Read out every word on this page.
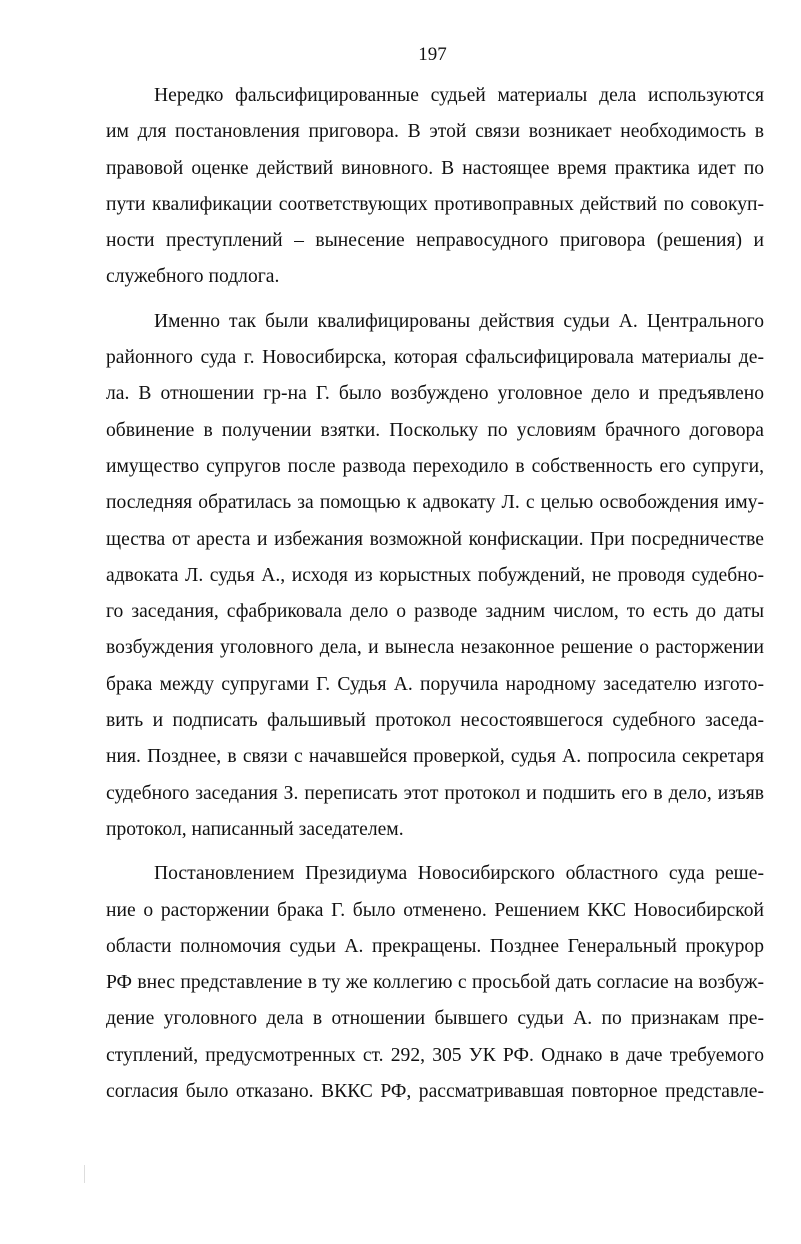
197

Нередко фальсифицированные судьей материалы дела используются
им для постановления приговора. В этой связи возникает необходимость в
правовой оценке действий виновного. В настоящее время практика идет по
пути квалификации соответствующих противоправных действий по совокуп-
ности преступлений – вынесение неправосудного приговора (решения) и
служебного подлога.

Именно так были квалифицированы действия судьи А. Центрального
районного суда г. Новосибирска, которая сфальсифицировала материалы де-
ла. В отношении гр-на Г. было возбуждено уголовное дело и предъявлено
обвинение в получении взятки. Поскольку по условиям брачного договора
имущество супругов после развода переходило в собственность его супруги,
последняя обратилась за помощью к адвокату Л. с целью освобождения иму-
щества от ареста и избежания возможной конфискации. При посредничестве
адвоката Л. судья А., исходя из корыстных побуждений, не проводя судебно-
го заседания, сфабриковала дело о разводе задним числом, то есть до даты
возбуждения уголовного дела, и вынесла незаконное решение о расторжении
брака между супругами Г. Судья А. поручила народному заседателю изгото-
вить и подписать фальшивый протокол несостоявшегося судебного заседа-
ния. Позднее, в связи с начавшейся проверкой, судья А. попросила секретаря
судебного заседания З. переписать этот протокол и подшить его в дело, изъяв
протокол, написанный заседателем.

Постановлением Президиума Новосибирского областного суда реше-
ние о расторжении брака Г. было отменено. Решением ККС Новосибирской
области полномочия судьи А. прекращены. Позднее Генеральный прокурор
РФ внес представление в ту же коллегию с просьбой дать согласие на возбуж-
дение уголовного дела в отношении бывшего судьи А. по признакам пре-
ступлений, предусмотренных ст. 292, 305 УК РФ. Однако в даче требуемого
согласия было отказано. ВККС РФ, рассматривавшая повторное представле-
